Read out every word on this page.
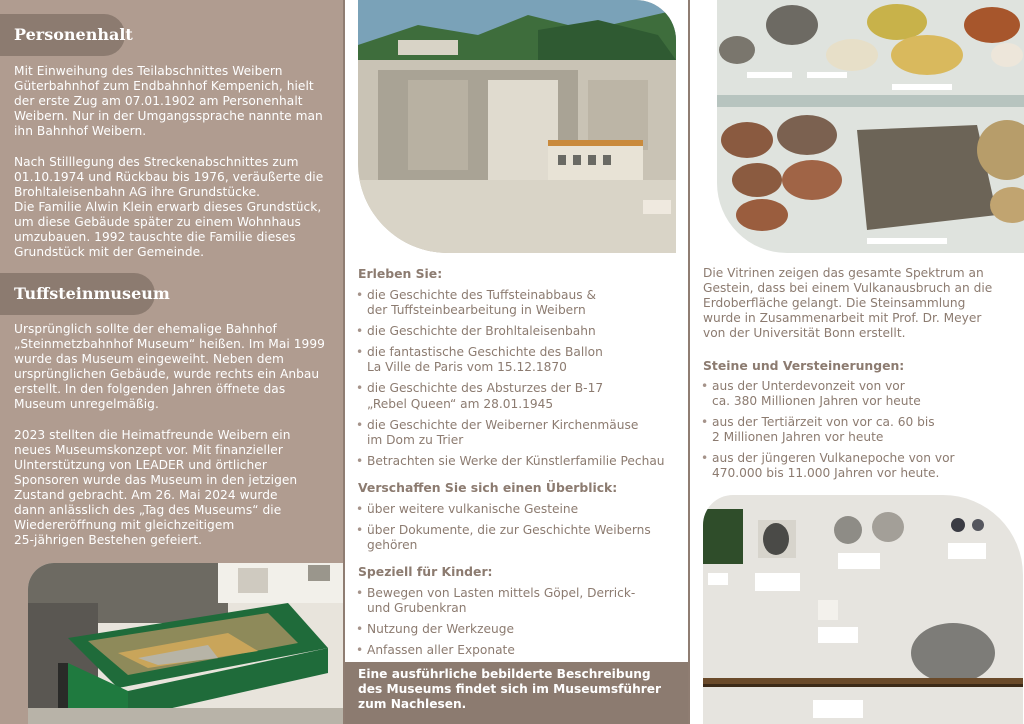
Personenhalt
Mit Einweihung des Teilabschnittes Weibern
Güterbahnhof zum Endbahnhof Kempenich, hielt
der erste Zug am 07.01.1902 am Personenhalt
Weibern. Nur in der Umgangssprache nannte man
ihn Bahnhof Weibern.

Nach Stilllegung des Streckenabschnittes zum
01.10.1974 und Rückbau bis 1976, veräußerte die
Brohltaleisenbahn AG ihre Grundstücke.
Die Familie Alwin Klein erwarb dieses Grundstück,
um diese Gebäude später zu einem Wohnhaus
umzubauen. 1992 tauschte die Familie dieses
Grundstück mit der Gemeinde.
Tuffsteinmuseum
Ursprünglich sollte der ehemalige Bahnhof
„Steinmetzbahnhof Museum“ heißen. Im Mai 1999
wurde das Museum eingeweiht. Neben dem
ursprünglichen Gebäude, wurde rechts ein Anbau
erstellt. In den folgenden Jahren öffnete das
Museum unregelmäßig.

2023 stellten die Heimatfreunde Weibern ein
neues Museumskonzept vor. Mit finanzieller
Ulnterstützung von LEADER und örtlicher
Sponsoren wurde das Museum in den jetzigen
Zustand gebracht. Am 26. Mai 2024 wurde
dann anlässlich des „Tag des Museums“ die
Wiedereröffnung mit gleichzeitigem
25-jährigen Bestehen gefeiert.
Erleben Sie:
• die Geschichte des Tuffsteinabbaus &
der Tuffsteinbearbeitung in Weibern
• die Geschichte der Brohltaleisenbahn
• die fantastische Geschichte des Ballon
La Ville de Paris vom 15.12.1870
• die Geschichte des Absturzes der B-17
„Rebel Queen“ am 28.01.1945
• die Geschichte der Weiberner Kirchenmäuse
im Dom zu Trier
• Betrachten sie Werke der Künstlerfamilie Pechau
Verschaffen Sie sich einen Überblick:
• über weitere vulkanische Gesteine
• über Dokumente, die zur Geschichte Weiberns
gehören
Speziell für Kinder:
• Bewegen von Lasten mittels Göpel, Derrick-
und Grubenkran
• Nutzung der Werkzeuge
• Anfassen aller Exponate
Eine ausführliche bebilderte Beschreibung
des Museums findet sich im Museumsführer
zum Nachlesen.
Die Vitrinen zeigen das gesamte Spektrum an
Gestein, dass bei einem Vulkanausbruch an die
Erdoberfläche gelangt. Die Steinsammlung
wurde in Zusammenarbeit mit Prof. Dr. Meyer
von der Universität Bonn erstellt.
Steine und Versteinerungen:
• aus der Unterdevonzeit von vor
ca. 380 Millionen Jahren vor heute
• aus der Tertiärzeit von vor ca. 60 bis
2 Millionen Jahren vor heute
• aus der jüngeren Vulkanepoche von vor
470.000 bis 11.000 Jahren vor heute.
